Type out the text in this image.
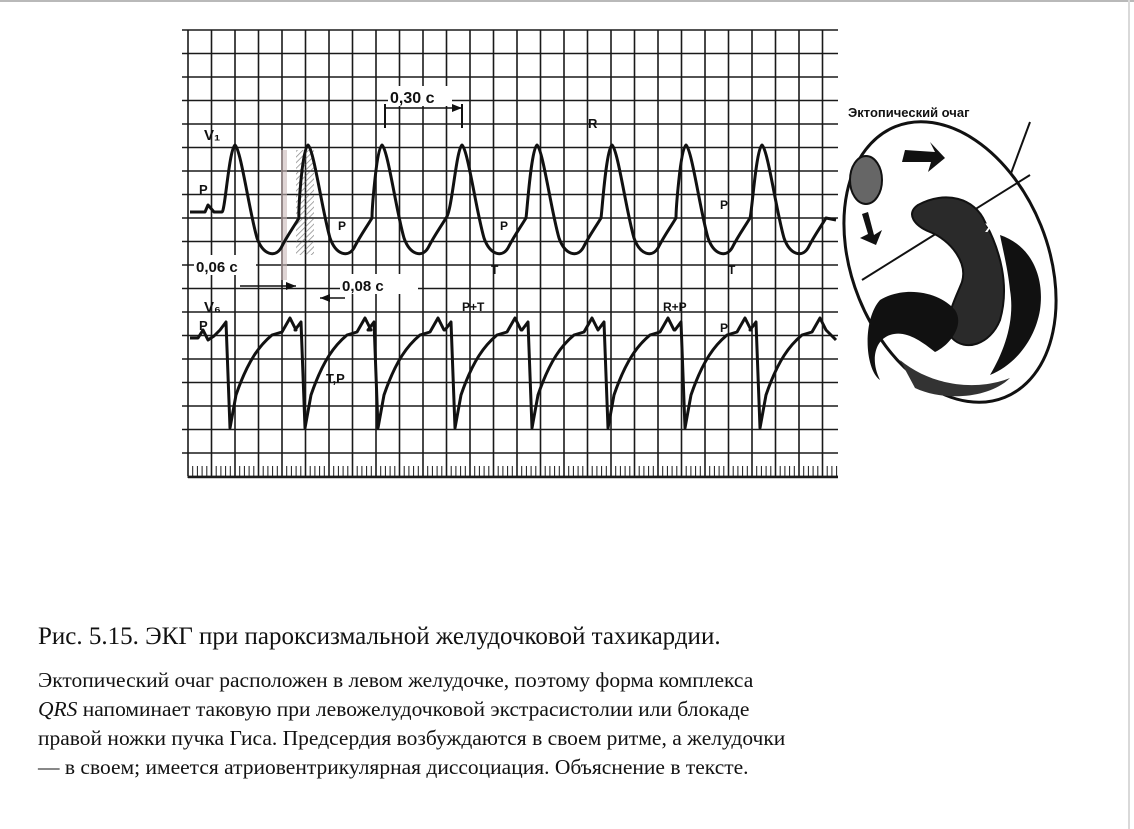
0,30 c
0,06 c
0,08 c
V₁
V₆
P
P
R
P	P
P
T	T
P+T	R+P
P
T,P
Эктопический очаг
x
Рис. 5.15. ЭКГ при пароксизмальной желудочковой тахикардии.
Эктопический очаг расположен в левом желудочке, поэтому форма комплекса
QRS напоминает таковую при левожелудочковой экстрасистолии или блокаде
правой ножки пучка Гиса. Предсердия возбуждаются в своем ритме, а желудочки
— в своем; имеется атриовентрикулярная диссоциация. Объяснение в тексте.
